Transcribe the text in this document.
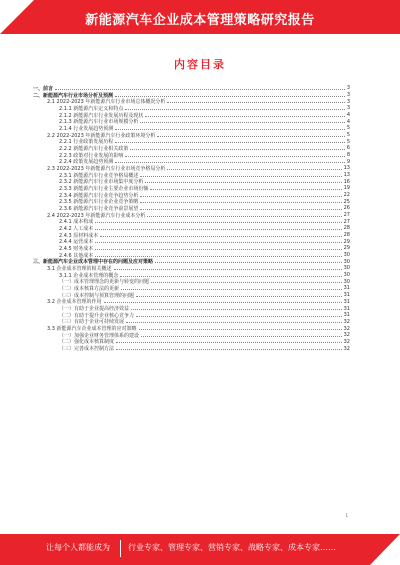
新能源汽车企业成本管理策略研究报告
内容目录
一、前言	3
二、新能源汽车行业市场分析及预测	3
2.1 2022-2023 年新能源汽车行业市场总体概况分析	3
2.1.1 新能源汽车定义和特点	3
2.1.2 新能源汽车行业发展历程及现状	4
2.1.3 新能源汽车行业市场规模分析	4
2.1.4 行业发展趋势预测	5
2.2 2022-2023 年新能源汽车行业政策环境分析	5
2.2.1 行业政策发展历程	5
2.2.2 新能源汽车行业相关政策	6
2.2.3 政策对行业发展的影响	8
2.2.4 政策发展趋势预测	9
2.3 2022-2023 年新能源汽车行业市场竞争格局分析	13
2.3.1 新能源汽车行业竞争格局概述	13
2.3.2 新能源汽车行业市场集中度分析	16
2.3.3 新能源汽车行业主要企业市场份额	19
2.3.4 新能源汽车行业竞争趋势分析	22
2.3.5 新能源汽车行业企业竞争策略	25
2.3.6 新能源汽车行业竞争前景展望	26
2.4 2022-2023 年新能源汽车行业成本分析	27
2.4.1 成本构成	27
2.4.2 人工成本	28
2.4.3 原材料成本	28
2.4.4 运营成本	29
2.4.5 财务成本	29
2.4.6 其他成本	30
三、新能源汽车企业成本管理中存在的问题及应对策略	30
3.1 企业成本管理的相关概述	30
3.1.1 企业成本管理的概念	30
（一）成本管理理念的更新与转变的问题	30
（二）成本核算方法的更新	31
（三）成本控制与预算管理的问题	31
3.2 企业成本管理的作用	31
（一）有助于企业提高经济效益	31
（二）有助于提升企业核心竞争力	31
（三）有助于企业可持续发展	32
3.3 新能源汽车企业成本管理的应对策略	32
（一）加强企业财务管理体系的建设	32
（二）强化成本核算制度	32
（三）完善成本控制方法	32
1
让每个人都能成为 行业专家、管理专家、营销专家、战略专家、成本专家……
